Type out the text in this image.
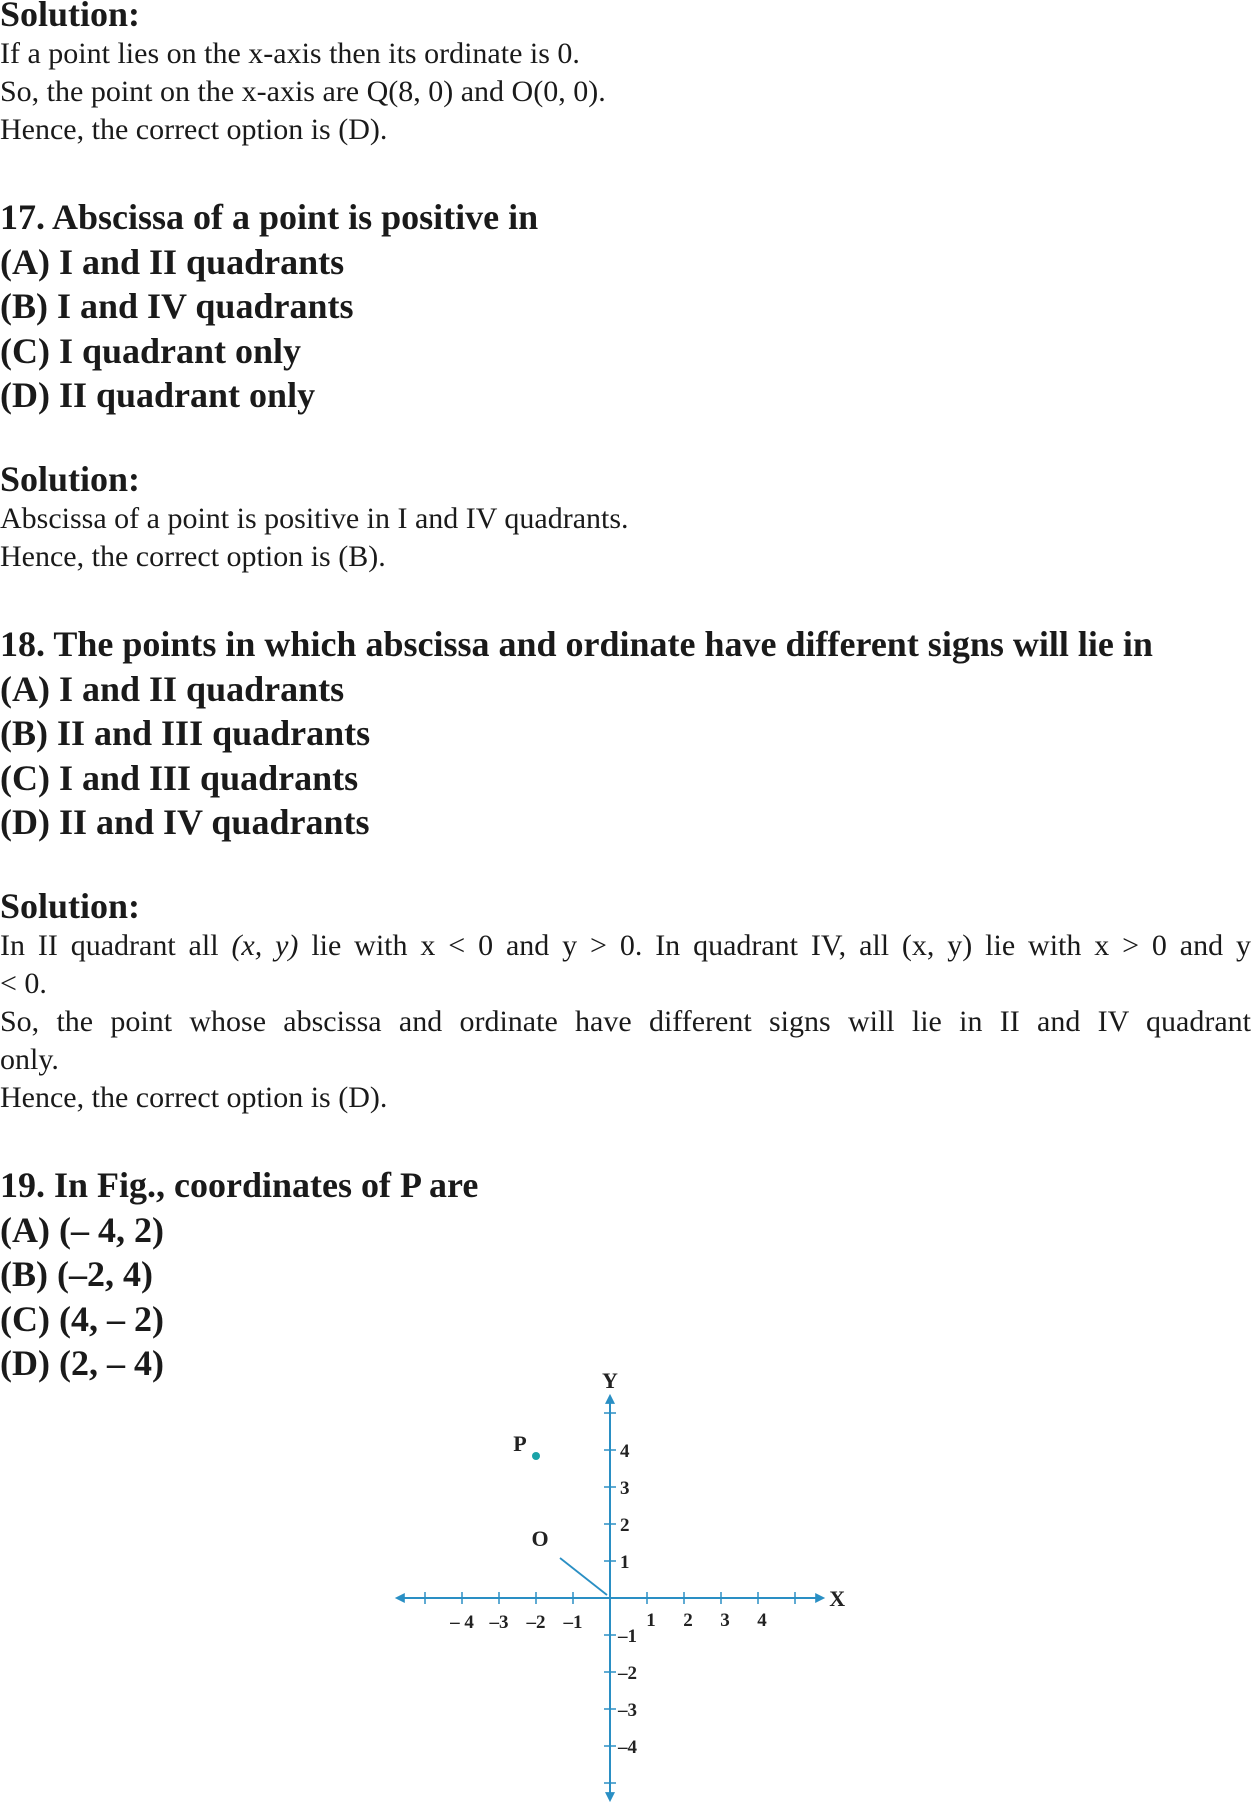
Solution:
If a point lies on the x-axis then its ordinate is 0.
So, the point on the x-axis are Q(8, 0) and O(0, 0).
Hence, the correct option is (D).
17. Abscissa of a point is positive in
(A) I and II quadrants
(B) I and IV quadrants
(C) I quadrant only
(D) II quadrant only
Solution:
Abscissa of a point is positive in I and IV quadrants.
Hence, the correct option is (B).
18. The points in which abscissa and ordinate have different signs will lie in
(A) I and II quadrants
(B) II and III quadrants
(C) I and III quadrants
(D) II and IV quadrants
Solution:
In II quadrant all (x, y) lie with x < 0 and y > 0. In quadrant IV, all (x, y) lie with x > 0 and y
< 0.
So, the point whose abscissa and ordinate have different signs will lie in II and IV quadrant
only.
Hence, the correct option is (D).
19. In Fig., coordinates of P are
(A) (– 4, 2)
(B) (–2, 4)
(C) (4, – 2)
(D) (2, – 4)
– 4 –3 –2 –1	1 2 3 4
1
2
3
4
–1
–2
–3
–4
Y
X
O
P
